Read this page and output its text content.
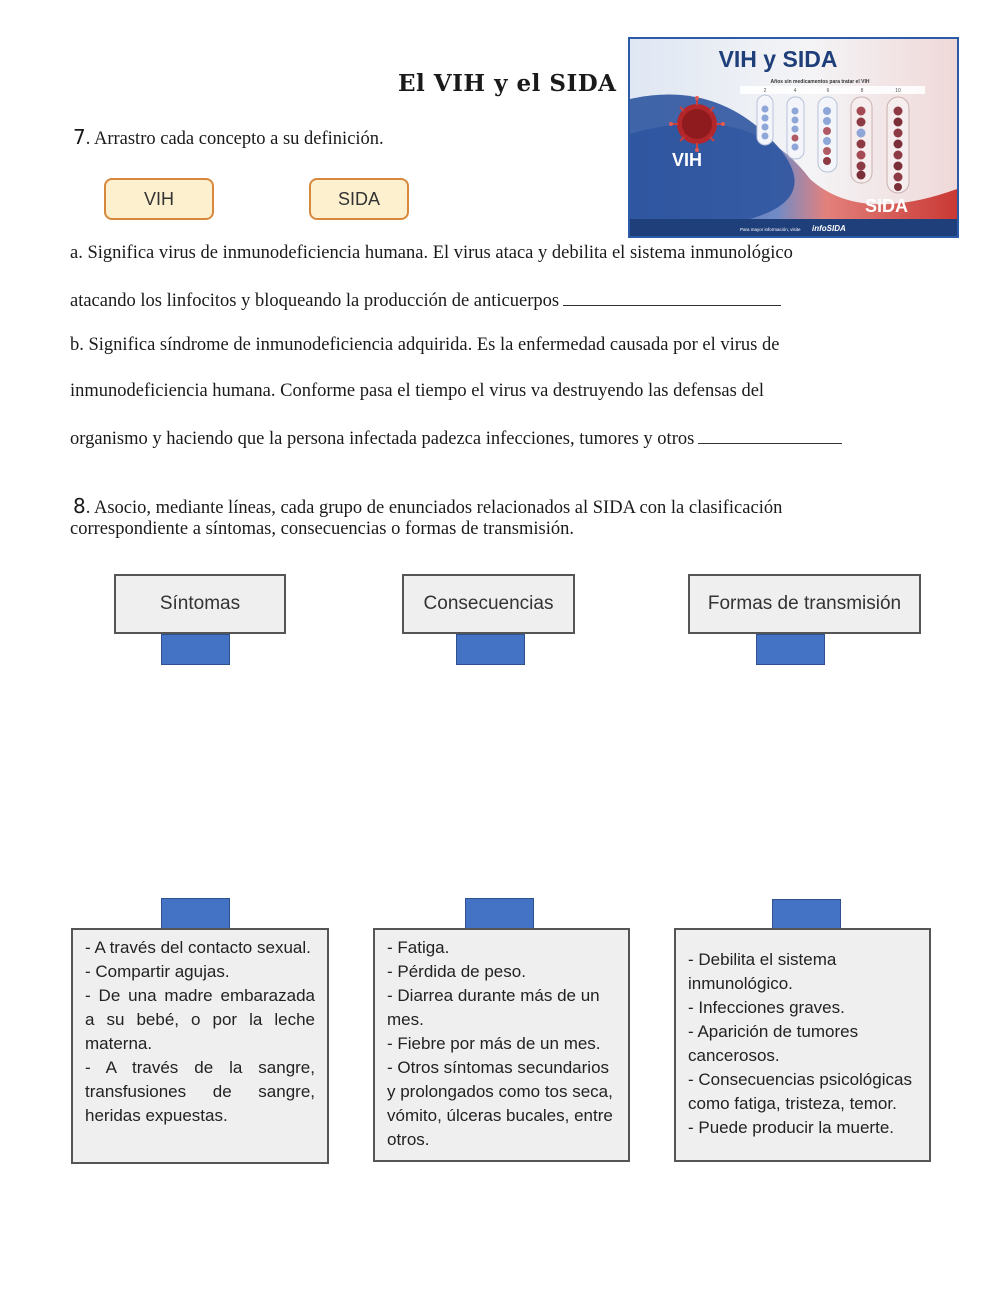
El VIH y el SIDA
7. Arrastro cada concepto a su definición.
VIH	SIDA
a. Significa virus de inmunodeficiencia humana. El virus ataca y debilita el sistema inmunológico
atacando los linfocitos y bloqueando la producción de anticuerpos
b. Significa síndrome de inmunodeficiencia adquirida. Es la enfermedad causada por el virus de
inmunodeficiencia humana. Conforme pasa el tiempo el virus va destruyendo las defensas del
organismo y haciendo que la persona infectada padezca infecciones, tumores y otros
VIH y SIDA
Años sin medicamentos para tratar el VIH
2	4	6	8	10
VIH
SIDA
Para mayor información, visite infoSIDA
8. Asocio, mediante líneas, cada grupo de enunciados relacionados al SIDA con la clasificación
correspondiente a síntomas, consecuencias o formas de transmisión.
Síntomas	Consecuencias	Formas de transmisión
- A través del contacto sexual.
- Compartir agujas.
- De una madre embarazada a su bebé, o por la leche materna.
- A través de la sangre, transfusiones de sangre, heridas expuestas.
- Fatiga.
- Pérdida de peso.
- Diarrea durante más de un mes.
- Fiebre por más de un mes.
- Otros síntomas secundarios y prolongados como tos seca, vómito, úlceras bucales, entre otros.
- Debilita el sistema inmunológico.
- Infecciones graves.
- Aparición de tumores cancerosos.
- Consecuencias psicológicas como fatiga, tristeza, temor.
- Puede producir la muerte.
